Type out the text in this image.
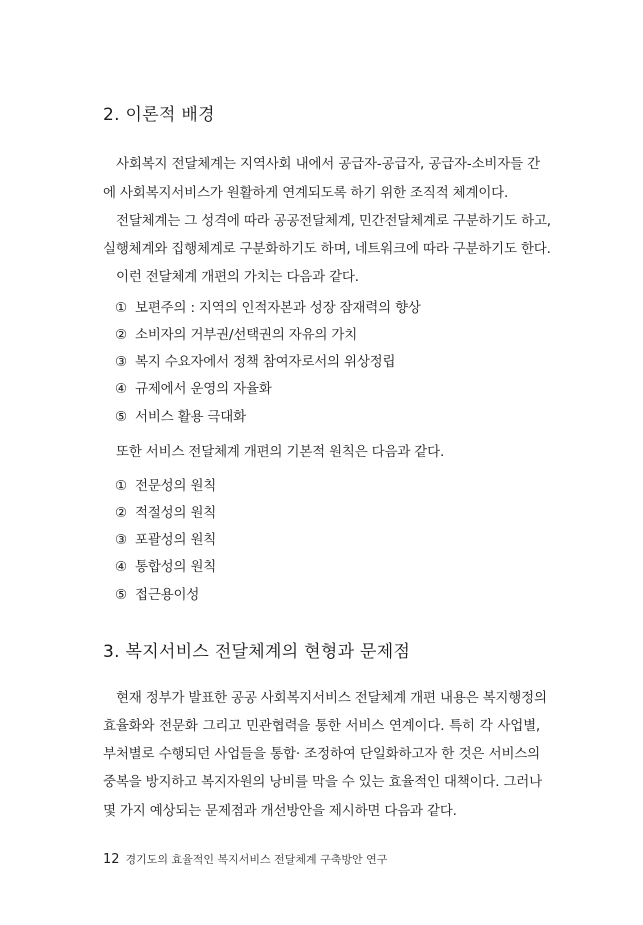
2. 이론적 배경
사회복지 전달체계는 지역사회 내에서 공급자-공급자, 공급자-소비자들 간
에 사회복지서비스가 원활하게 연계되도록 하기 위한 조직적 체계이다.
전달체계는 그 성격에 따라 공공전달체계, 민간전달체계로 구분하기도 하고,
실행체계와 집행체계로 구분화하기도 하며, 네트워크에 따라 구분하기도 한다.
이런 전달체계 개편의 가치는 다음과 같다.
① 보편주의 : 지역의 인적자본과 성장 잠재력의 향상
② 소비자의 거부권/선택권의 자유의 가치
③ 복지 수요자에서 정책 참여자로서의 위상정립
④ 규제에서 운영의 자율화
⑤ 서비스 활용 극대화
또한 서비스 전달체계 개편의 기본적 원칙은 다음과 같다.
① 전문성의 원칙
② 적절성의 원칙
③ 포괄성의 원칙
④ 통합성의 원칙
⑤ 접근용이성
3. 복지서비스 전달체계의 현형과 문제점
현재 정부가 발표한 공공 사회복지서비스 전달체계 개편 내용은 복지행정의
효율화와 전문화 그리고 민관협력을 통한 서비스 연계이다. 특히 각 사업별,
부처별로 수행되던 사업들을 통합· 조정하여 단일화하고자 한 것은 서비스의
중복을 방지하고 복지자원의 낭비를 막을 수 있는 효율적인 대책이다. 그러나
몇 가지 예상되는 문제점과 개선방안을 제시하면 다음과 같다.
12 경기도의 효율적인 복지서비스 전달체계 구축방안 연구
